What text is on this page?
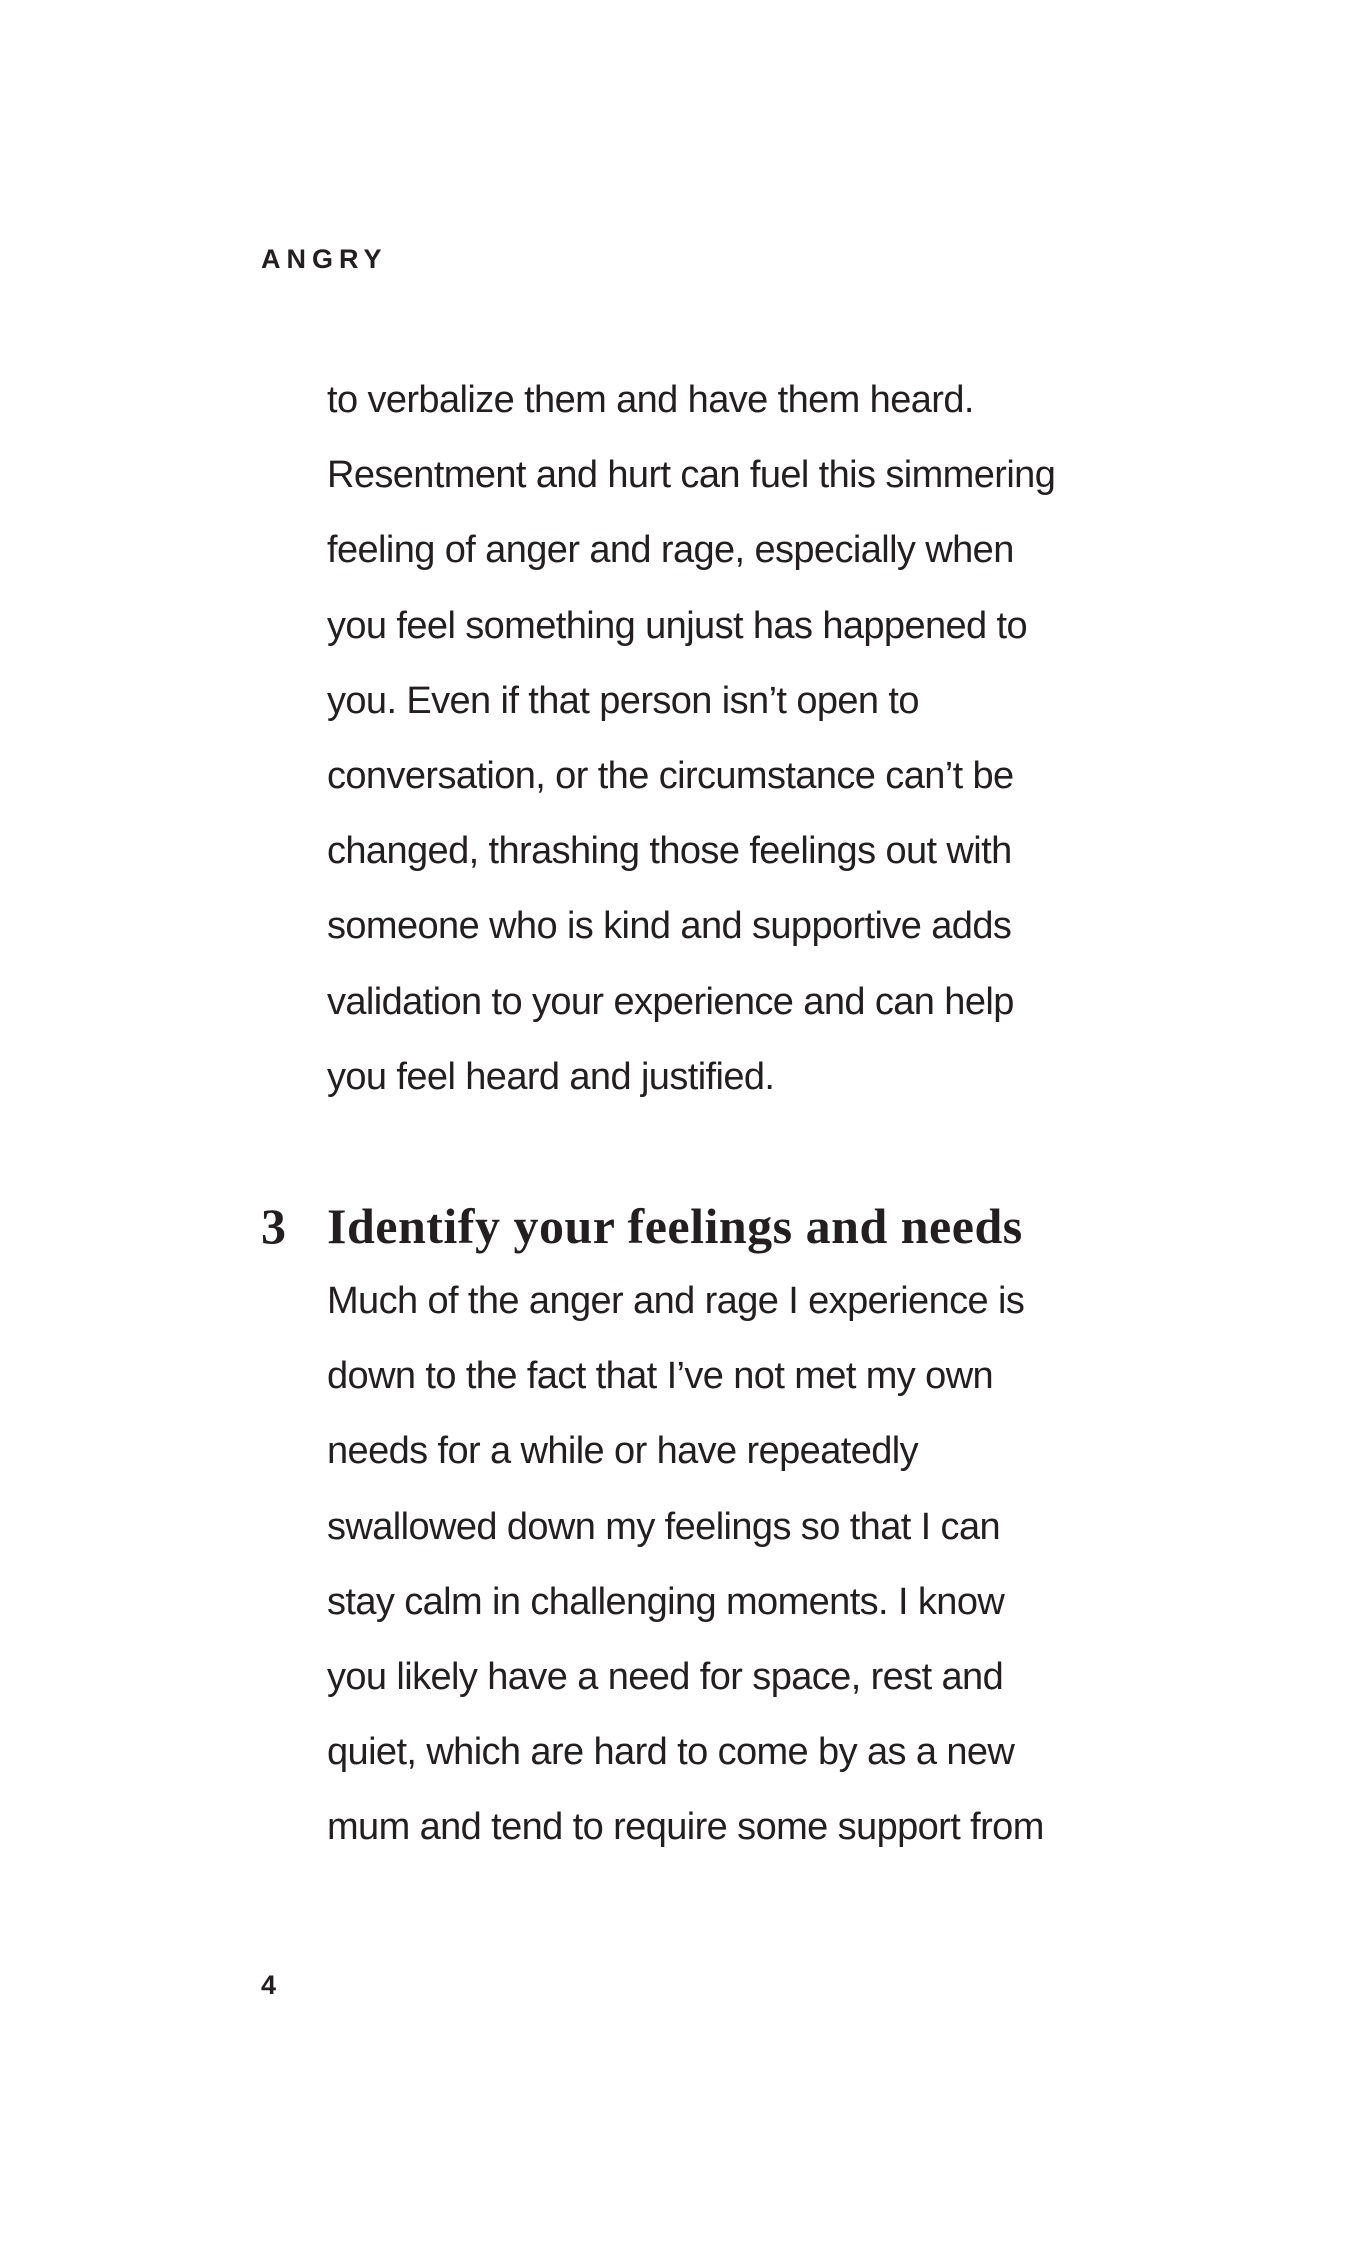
ANGRY
to verbalize them and have them heard.
Resentment and hurt can fuel this simmering
feeling of anger and rage, especially when
you feel something unjust has happened to
you. Even if that person isn’t open to
conversation, or the circumstance can’t be
changed, thrashing those feelings out with
someone who is kind and supportive adds
validation to your experience and can help
you feel heard and justified.
3 Identify your feelings and needs
Much of the anger and rage I experience is
down to the fact that I’ve not met my own
needs for a while or have repeatedly
swallowed down my feelings so that I can
stay calm in challenging moments. I know
you likely have a need for space, rest and
quiet, which are hard to come by as a new
mum and tend to require some support from
4
